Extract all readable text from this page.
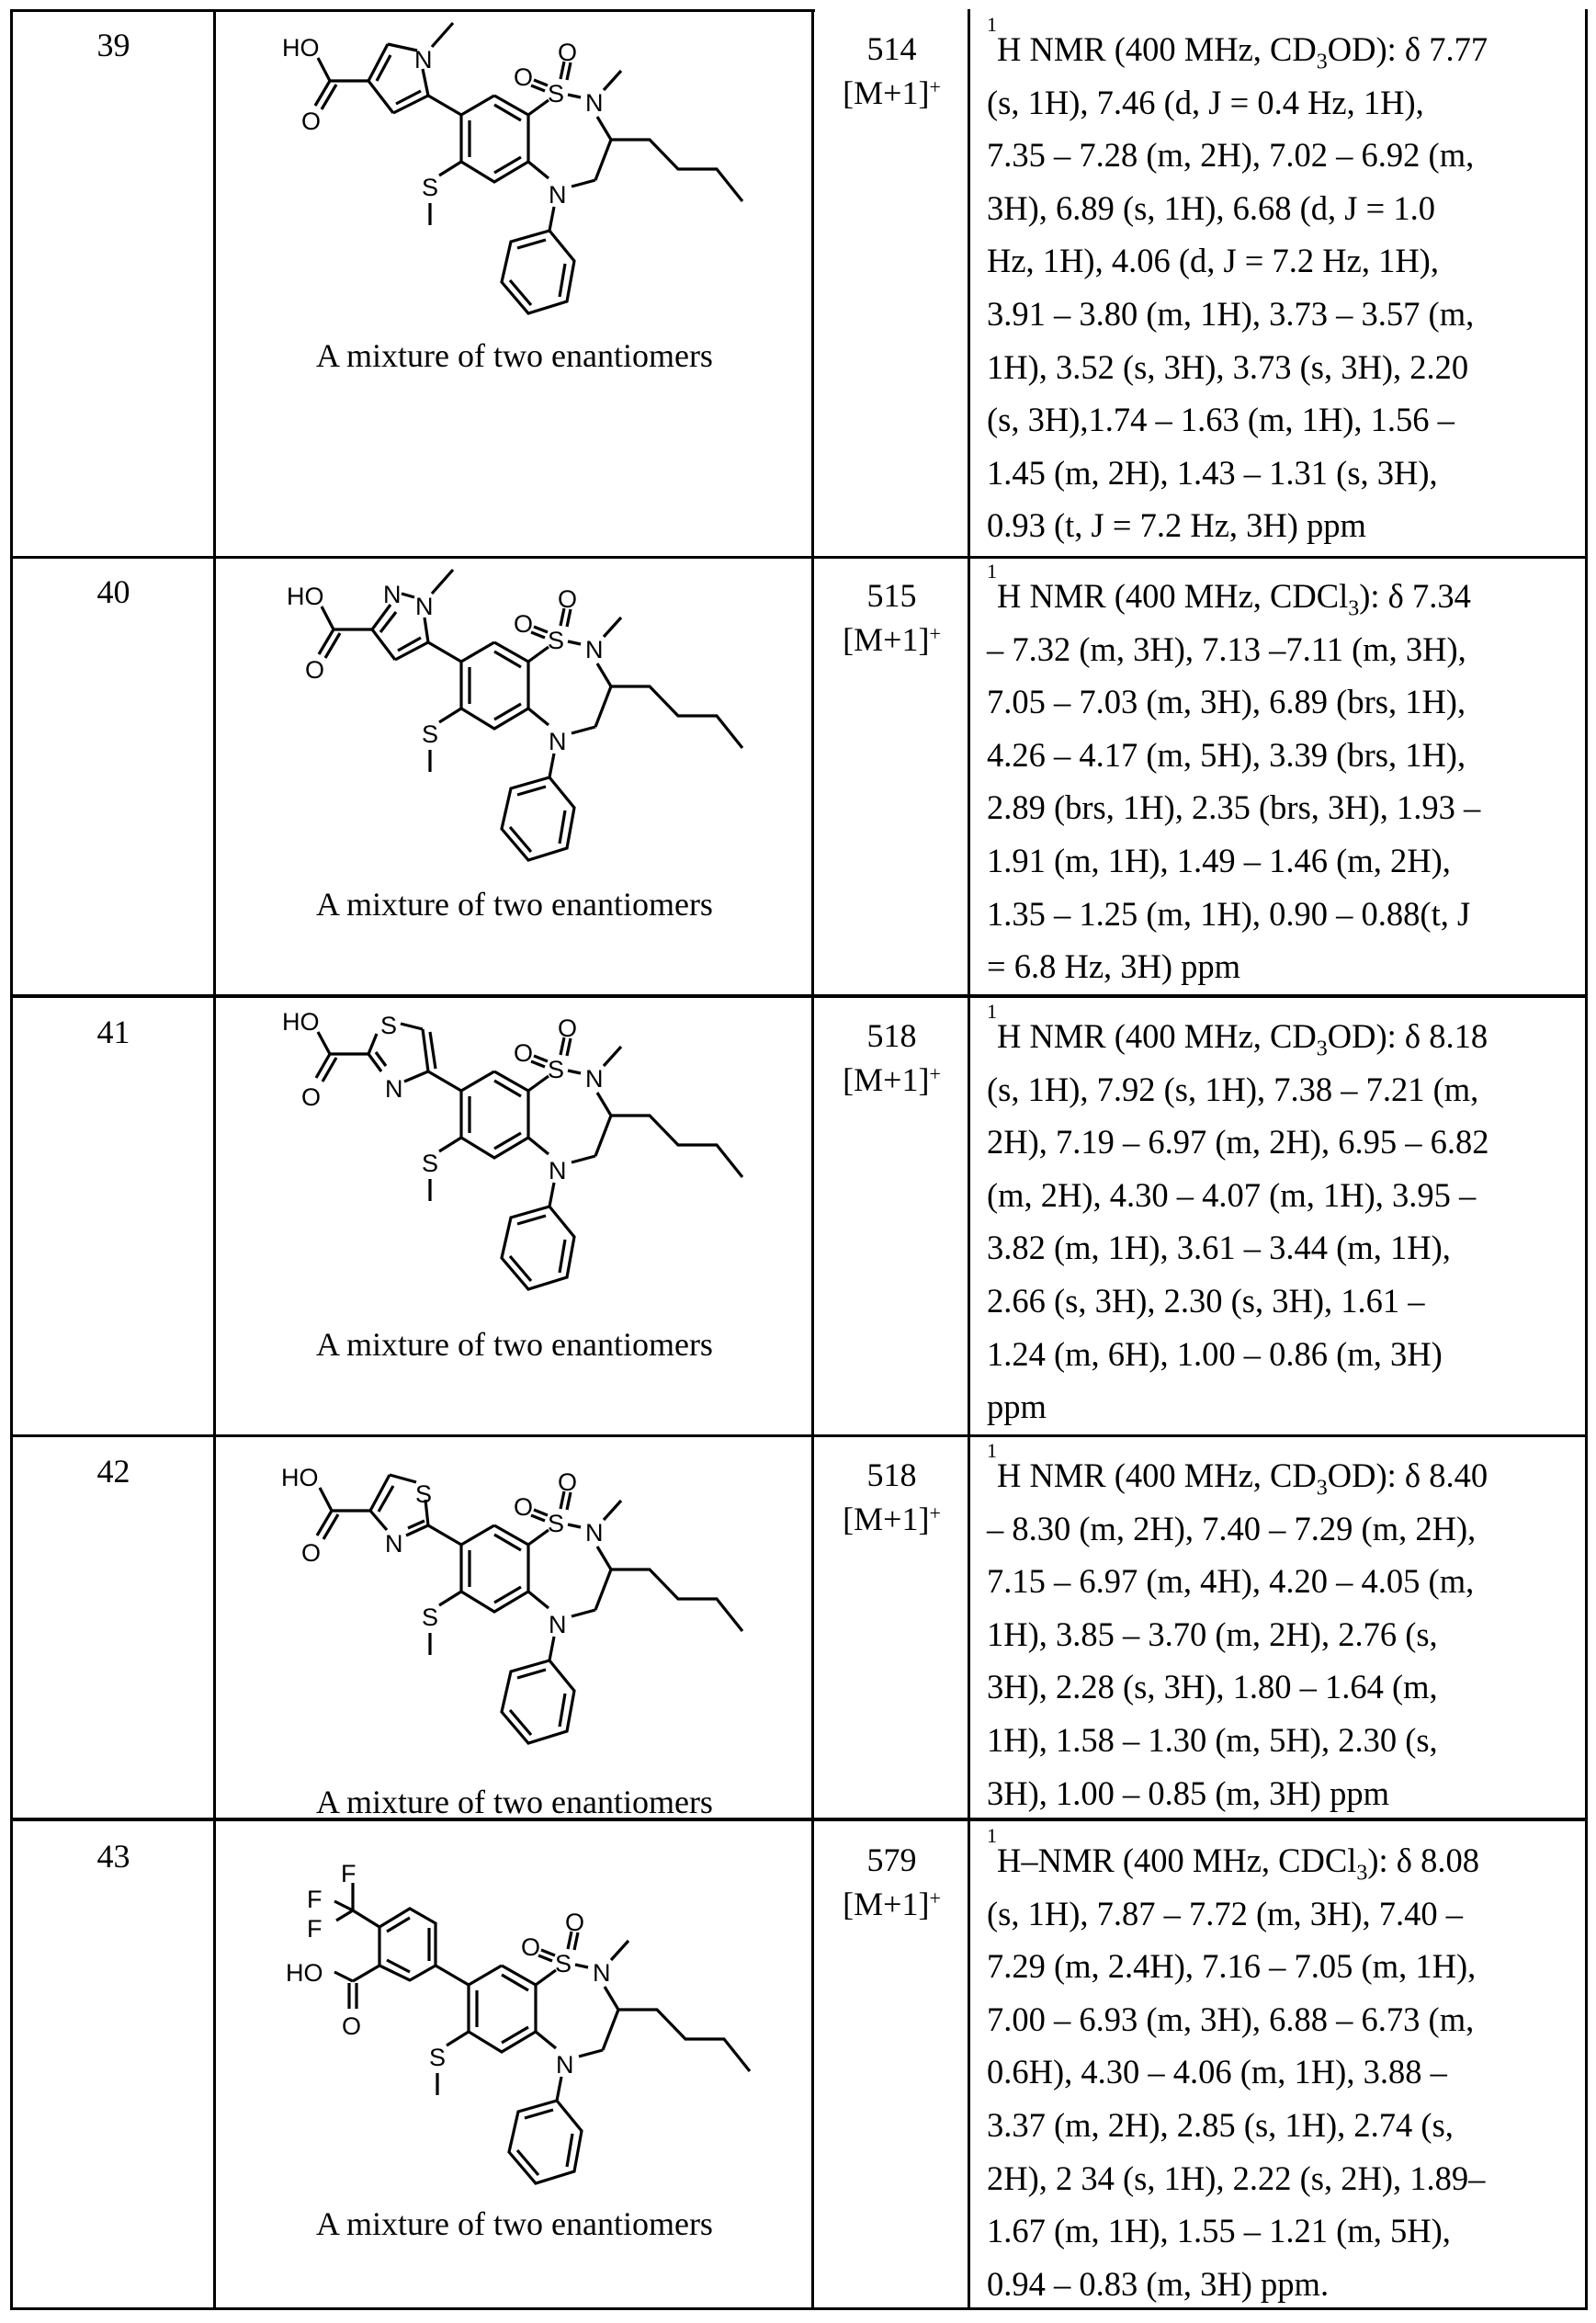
39
S
O
O
N
N
S
N
HO
O
A mixture of two enantiomers
514
[M+1]+
$^1$H NMR (400 MHz, $CD_3OD$): δ 7.77
(s, 1H), 7.46 (d, J = 0.4 Hz, 1H),
7.35 – 7.28 (m, 2H), 7.02 – 6.92 (m,
3H), 6.89 (s, 1H), 6.68 (d, J = 1.0
Hz, 1H), 4.06 (d, J = 7.2 Hz, 1H),
3.91 – 3.80 (m, 1H), 3.73 – 3.57 (m,
1H), 3.52 (s, 3H), 3.73 (s, 3H), 2.20
(s, 3H),1.74 – 1.63 (m, 1H), 1.56 –
1.45 (m, 2H), 1.43 – 1.31 (s, 3H),
0.93 (t, J = 7.2 Hz, 3H) ppm
40
S
O
O
N
N
S
N N
HO
O
A mixture of two enantiomers
515
[M+1]+
$^1$H NMR (400 MHz, CDCl$_3$): δ 7.34
– 7.32 (m, 3H), 7.13 –7.11 (m, 3H),
7.05 – 7.03 (m, 3H), 6.89 (brs, 1H),
4.26 – 4.17 (m, 5H), 3.39 (brs, 1H),
2.89 (brs, 1H), 2.35 (brs, 3H), 1.93 –
1.91 (m, 1H), 1.49 – 1.46 (m, 2H),
1.35 – 1.25 (m, 1H), 0.90 – 0.88(t, J
= 6.8 Hz, 3H) ppm
41
S
O
O
N
N
S
S
N
HO
O
A mixture of two enantiomers
518
[M+1]+
$^1$H NMR (400 MHz, $CD_3OD$): δ 8.18
(s, 1H), 7.92 (s, 1H), 7.38 – 7.21 (m,
2H), 7.19 – 6.97 (m, 2H), 6.95 – 6.82
(m, 2H), 4.30 – 4.07 (m, 1H), 3.95 –
3.82 (m, 1H), 3.61 – 3.44 (m, 1H),
2.66 (s, 3H), 2.30 (s, 3H), 1.61 –
1.24 (m, 6H), 1.00 – 0.86 (m, 3H)
ppm
42
S
O
O
N
N
S
S
N
HO
O
A mixture of two enantiomers
518
[M+1]+
$^1$H NMR (400 MHz, $CD_3OD$): δ 8.40
– 8.30 (m, 2H), 7.40 – 7.29 (m, 2H),
7.15 – 6.97 (m, 4H), 4.20 – 4.05 (m,
1H), 3.85 – 3.70 (m, 2H), 2.76 (s,
3H), 2.28 (s, 3H), 1.80 – 1.64 (m,
1H), 1.58 – 1.30 (m, 5H), 2.30 (s,
3H), 1.00 – 0.85 (m, 3H) ppm
43
S
O
O
N
N
S
F
F
F
HO
O
A mixture of two enantiomers
579
[M+1]+
$^1$H–NMR (400 MHz, CDCl$_3$): δ 8.08
(s, 1H), 7.87 – 7.72 (m, 3H), 7.40 –
7.29 (m, 2.4H), 7.16 – 7.05 (m, 1H),
7.00 – 6.93 (m, 3H), 6.88 – 6.73 (m,
0.6H), 4.30 – 4.06 (m, 1H), 3.88 –
3.37 (m, 2H), 2.85 (s, 1H), 2.74 (s,
2H), 2 34 (s, 1H), 2.22 (s, 2H), 1.89–
1.67 (m, 1H), 1.55 – 1.21 (m, 5H),
0.94 – 0.83 (m, 3H) ppm.
